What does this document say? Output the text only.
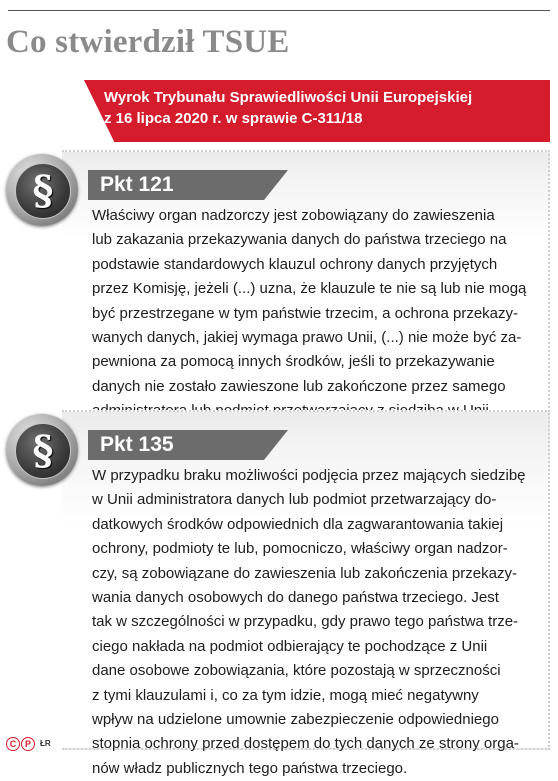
Co stwierdził TSUE
Wyrok Trybunału Sprawiedliwości Unii Europejskiej
z 16 lipca 2020 r. w sprawie C-311/18
§	Pkt 121
Właściwy organ nadzorczy jest zobowiązany do zawieszenia
lub zakazania przekazywania danych do państwa trzeciego na
podstawie standardowych klauzul ochrony danych przyjętych
przez Komisję, jeżeli (...) uzna, że klauzule te nie są lub nie mogą
być przestrzegane w tym państwie trzecim, a ochrona przekazy-
wanych danych, jakiej wymaga prawo Unii, (...) nie może być za-
pewniona za pomocą innych środków, jeśli to przekazywanie
danych nie zostało zawieszone lub zakończone przez samego
§	Pkt 135
W przypadku braku możliwości podjęcia przez mających siedzibę
w Unii administratora danych lub podmiot przetwarzający do-
datkowych środków odpowiednich dla zagwarantowania takiej
ochrony, podmioty te lub, pomocniczo, właściwy organ nadzor-
czy, są zobowiązane do zawieszenia lub zakończenia przekazy-
wania danych osobowych do danego państwa trzeciego. Jest
tak w szczególności w przypadku, gdy prawo tego państwa trze-
ciego nakłada na podmiot odbierający te pochodzące z Unii
dane osobowe zobowiązania, które pozostają w sprzeczności
z tymi klauzulami i, co za tym idzie, mogą mieć negatywny
wpływ na udzielone umownie zabezpieczenie odpowiedniego
stopnia ochrony przed dostępem do tych danych ze strony orga-
nów władz publicznych tego państwa trzeciego.
C P	ŁR
